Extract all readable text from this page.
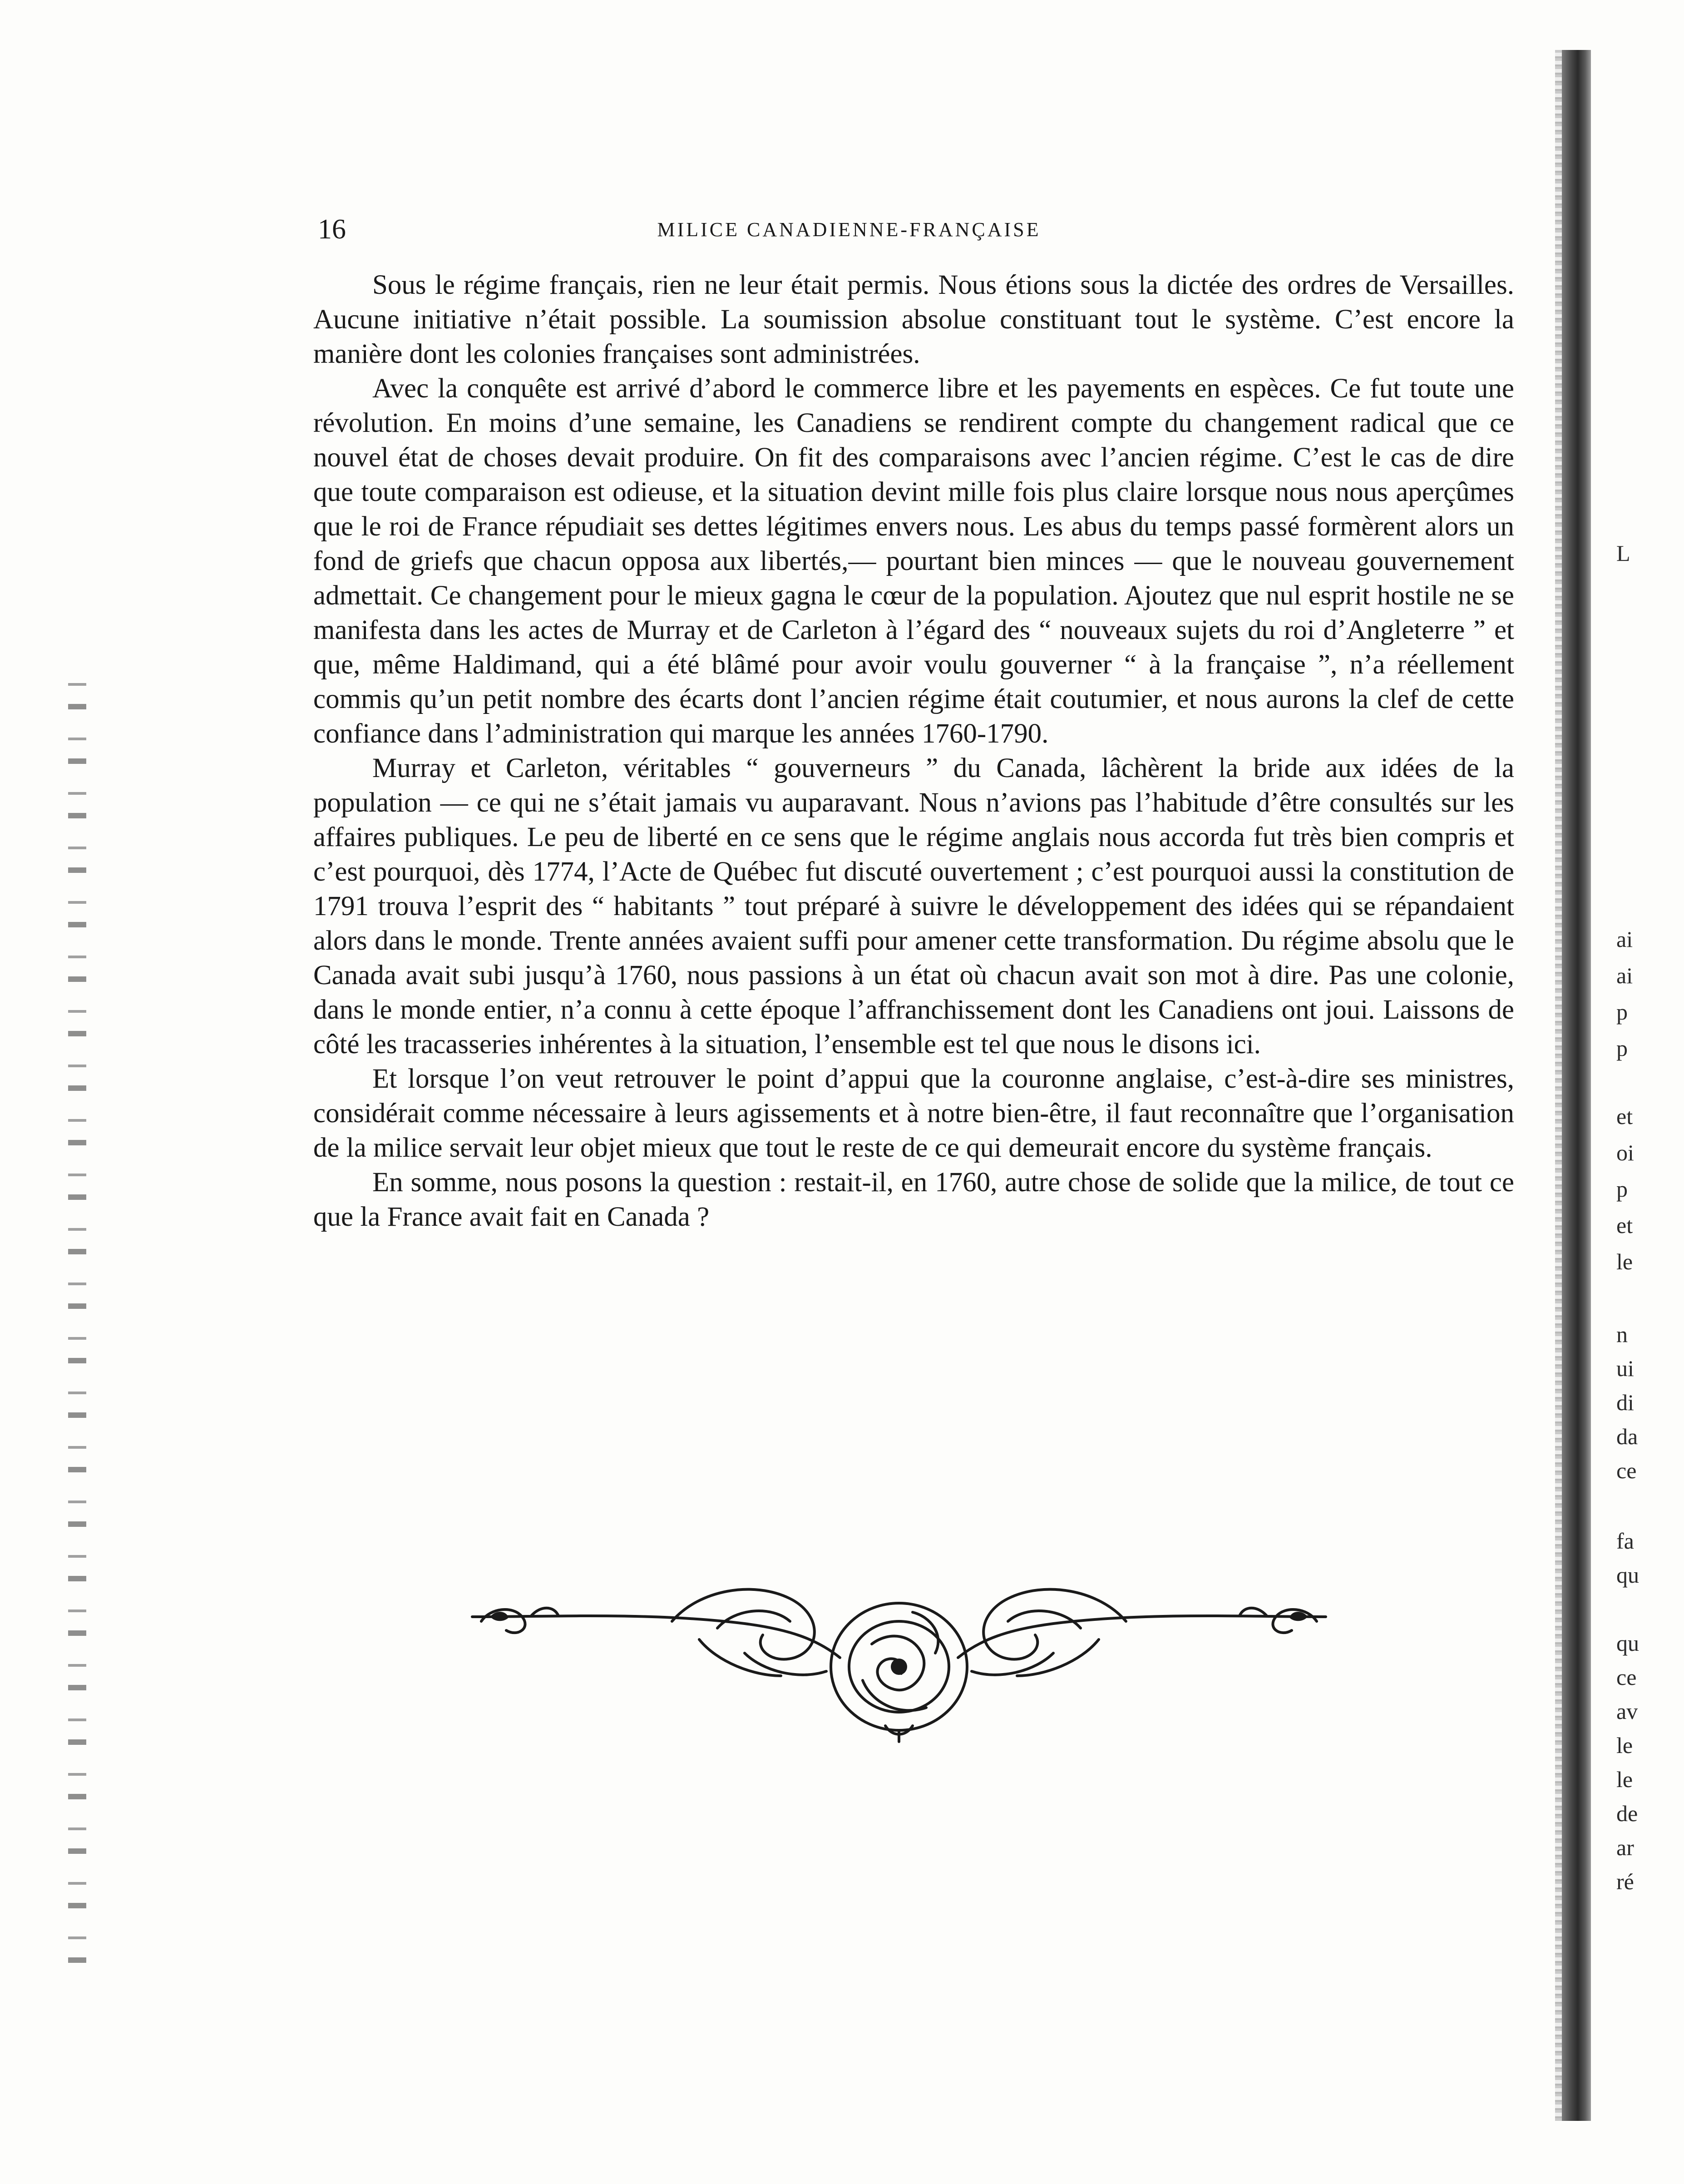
16	MILICE CANADIENNE-FRANÇAISE

Sous le régime français, rien ne leur était permis. Nous étions sous la dictée des ordres de Versailles. Aucune initiative n’était possible. La soumission absolue constituant tout le système. C’est encore la manière dont les colonies françaises sont administrées.

Avec la conquête est arrivé d’abord le commerce libre et les payements en espèces. Ce fut toute une révolution. En moins d’une semaine, les Canadiens se rendirent compte du changement radical que ce nouvel état de choses devait produire. On fit des comparaisons avec l’ancien régime. C’est le cas de dire que toute comparaison est odieuse, et la situation devint mille fois plus claire lorsque nous nous aperçûmes que le roi de France répudiait ses dettes légitimes envers nous. Les abus du temps passé formèrent alors un fond de griefs que chacun opposa aux libertés,— pourtant bien minces — que le nouveau gouvernement admettait. Ce changement pour le mieux gagna le cœur de la population. Ajoutez que nul esprit hostile ne se manifesta dans les actes de Murray et de Carleton à l’égard des “ nouveaux sujets du roi d’Angleterre ” et que, même Haldimand, qui a été blâmé pour avoir voulu gouverner “ à la française ”, n’a réellement commis qu’un petit nombre des écarts dont l’ancien régime était coutumier, et nous aurons la clef de cette confiance dans l’administration qui marque les années 1760-1790.

Murray et Carleton, véritables “ gouverneurs ” du Canada, lâchèrent la bride aux idées de la population — ce qui ne s’était jamais vu auparavant. Nous n’avions pas l’habitude d’être consultés sur les affaires publiques. Le peu de liberté en ce sens que le régime anglais nous accorda fut très bien compris et c’est pourquoi, dès 1774, l’Acte de Québec fut discuté ouvertement ; c’est pourquoi aussi la constitution de 1791 trouva l’esprit des “ habitants ” tout préparé à suivre le développement des idées qui se répandaient alors dans le monde. Trente années avaient suffi pour amener cette transformation. Du régime absolu que le Canada avait subi jusqu’à 1760, nous passions à un état où chacun avait son mot à dire. Pas une colonie, dans le monde entier, n’a connu à cette époque l’affranchissement dont les Canadiens ont joui. Laissons de côté les tracasseries inhérentes à la situation, l’ensemble est tel que nous le disons ici.

Et lorsque l’on veut retrouver le point d’appui que la couronne anglaise, c’est-à-dire ses ministres, considérait comme nécessaire à leurs agissements et à notre bien-être, il faut reconnaître que l’organisation de la milice servait leur objet mieux que tout le reste de ce qui demeurait encore du système français.

En somme, nous posons la question : restait-il, en 1760, autre chose de solide que la milice, de tout ce que la France avait fait en Canada ?

L
ai
ai
p
p
et
oi
p
et
le
n
ui
di
da
ce
fa
qu
qu
ce
av
le
le
de
ar
ré
